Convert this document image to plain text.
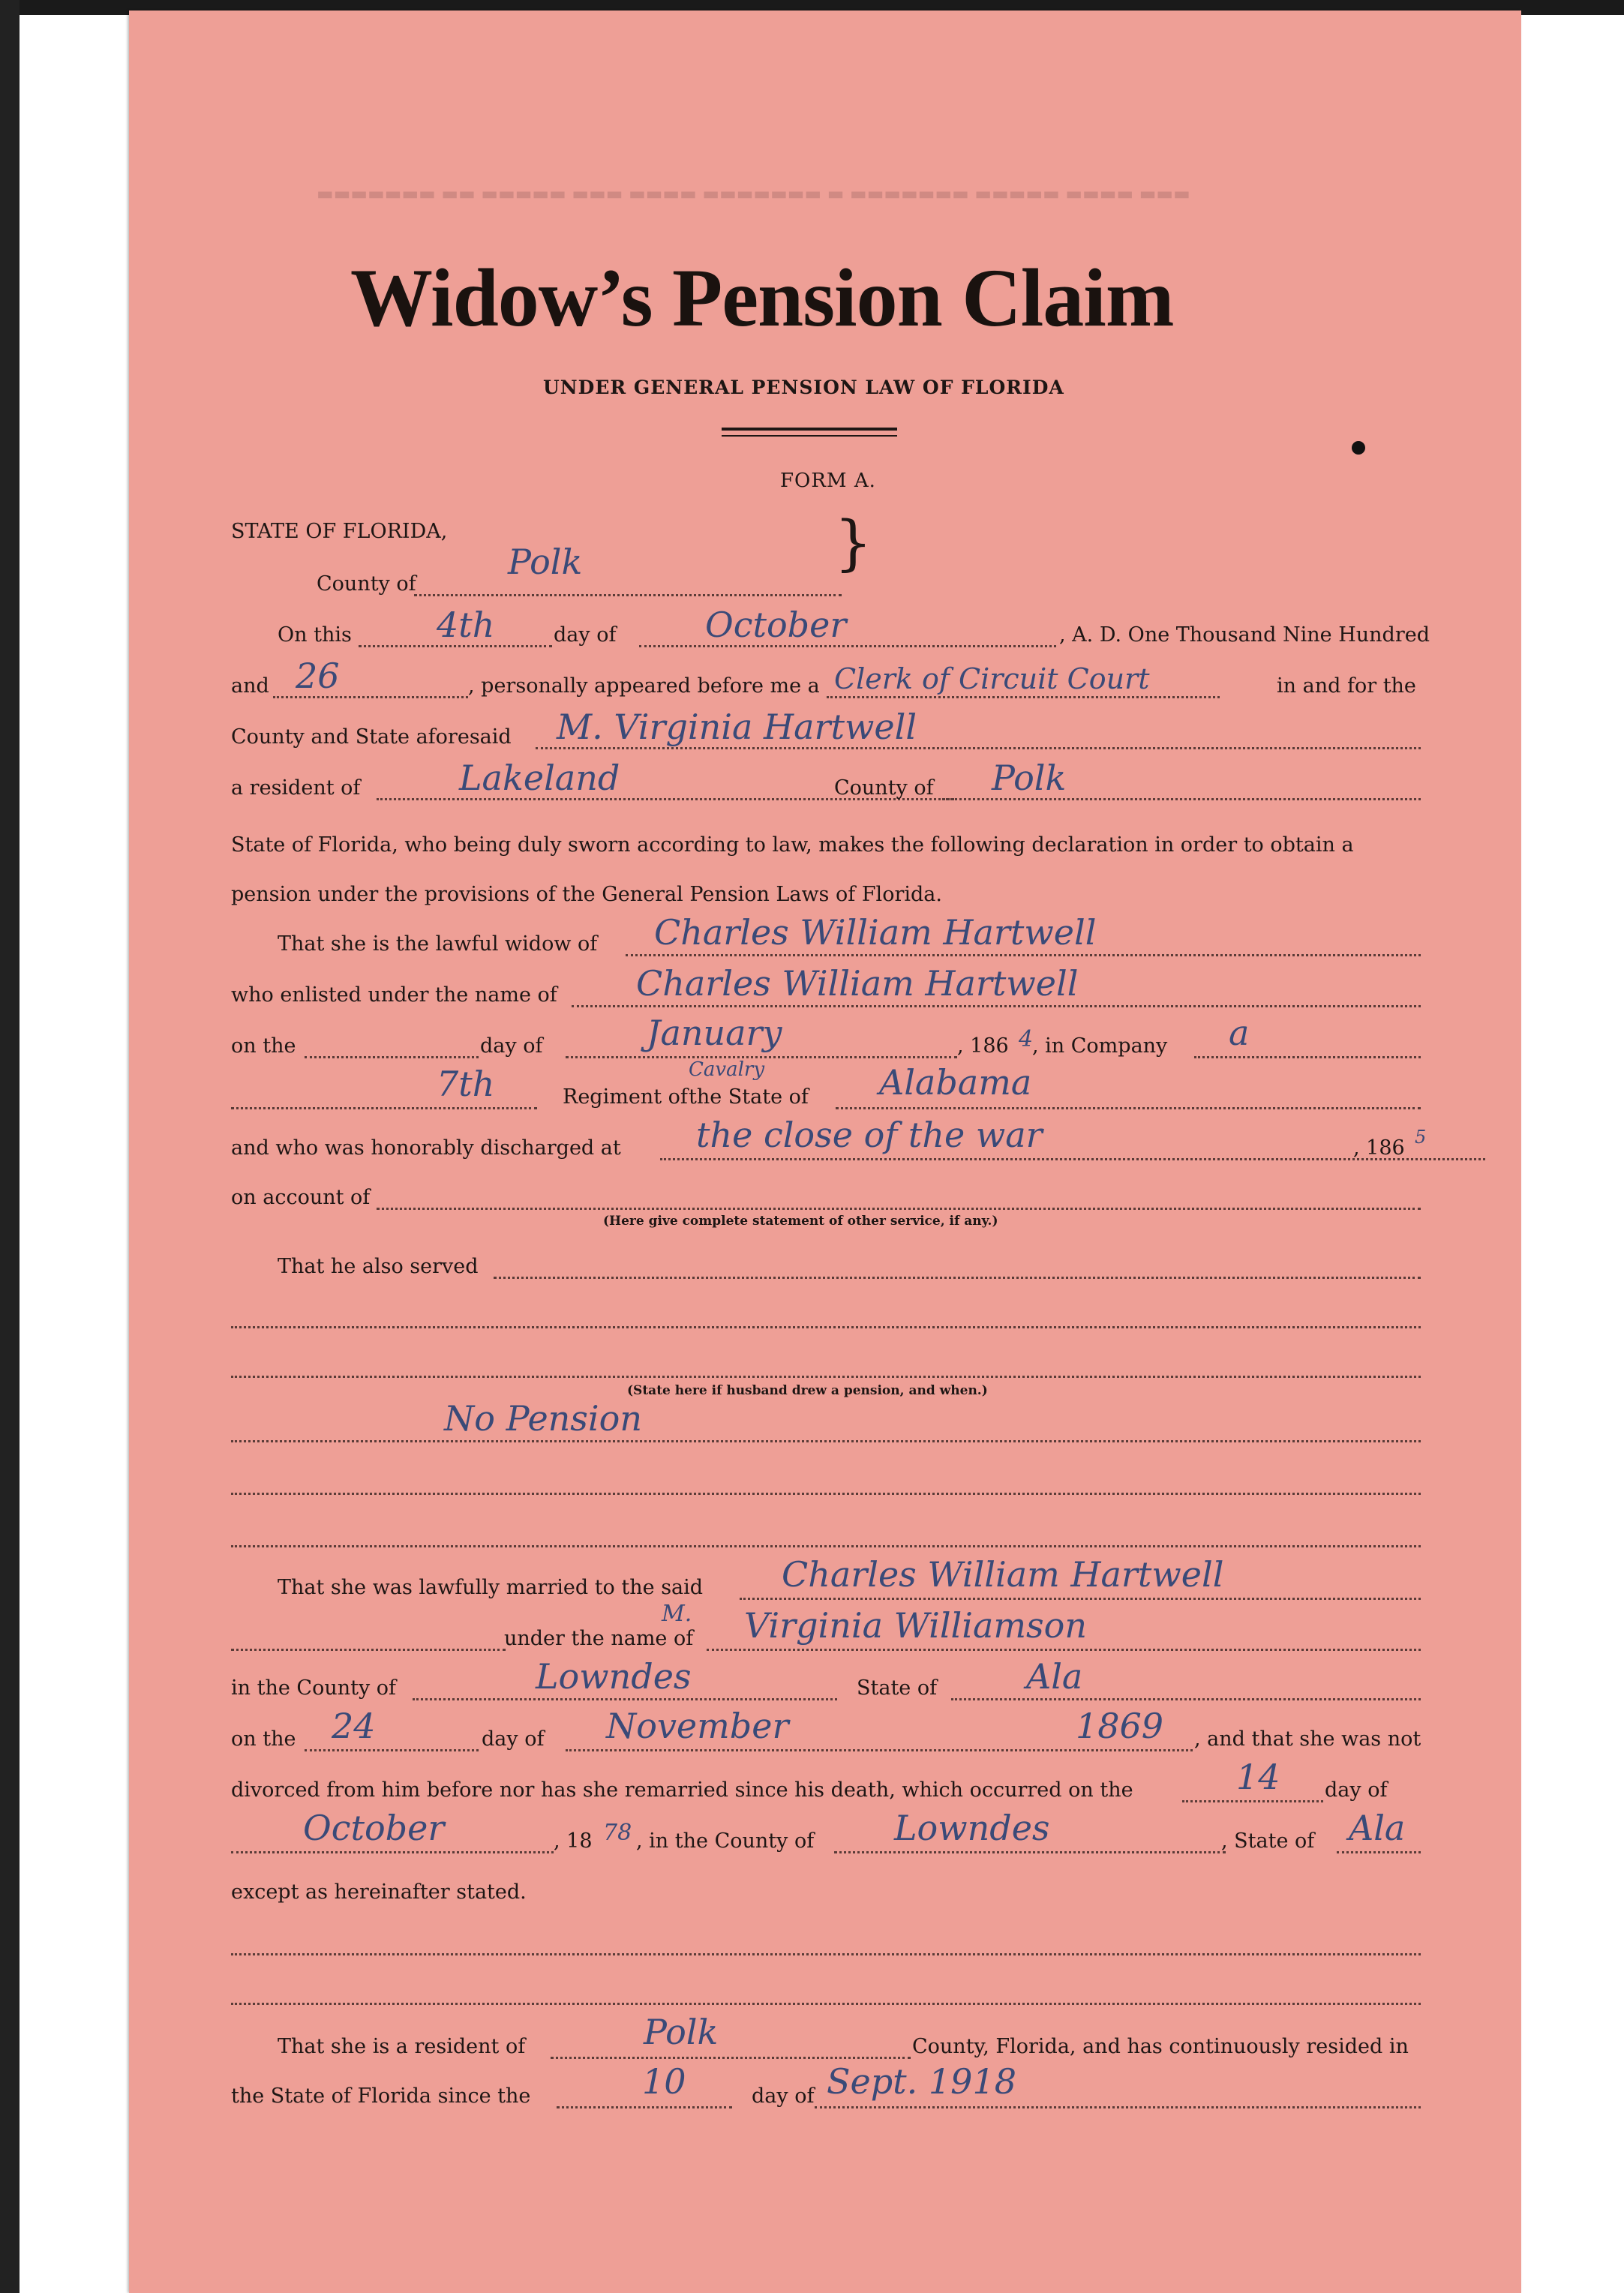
▬▬▬ ▬▬▬▬ ▬▬▬▬▬ ▬▬▬▬▬▬▬ ▬ ▬▬▬▬▬▬▬ ▬▬▬▬ ▬▬▬ ▬▬▬▬▬ ▬▬ ▬▬▬▬▬▬▬
Widow’s Pension Claim
UNDER GENERAL PENSION LAW OF FLORIDA
FORM A.
STATE OF FLORIDA,	}
County of
Polk
On this 4th	day of	October	, A. D. One Thousand Nine Hundred
and 26	, personally appeared before me a Clerk of Circuit Court	in and for the
County and State aforesaid M. Virginia Hartwell
a resident of	Lakeland	County of Polk
State of Florida, who being duly sworn according to law, makes the following declaration in order to obtain a
pension under the provisions of the General Pension Laws of Florida.
That she is the lawful widow of Charles William Hartwell
who enlisted under the name of Charles William Hartwell
on the	day of	January	, 186 4
, in Company a
7th	Regiment of
Cavalry
the State of Alabama
and who was honorably discharged at the close of the war	, 186 5
on account of
(Here give complete statement of other service, if any.)
That he also served
(State here if husband drew a pension, and when.)
No Pension
That she was lawfully married to the said Charles William Hartwell
under the name of
M. Virginia Williamson
in the County of	Lowndes	State of	Ala
on the 24	day of November	1869 , and that she was not
divorced from him before nor has she remarried since his death, which occurred on the	14 day of
October	, 18 78 , in the County of Lowndes	, State of Ala
except as hereinafter stated.
That she is a resident of	Polk	County, Florida, and has continuously resided in
the State of Florida since the	10	day of Sept. 1918
